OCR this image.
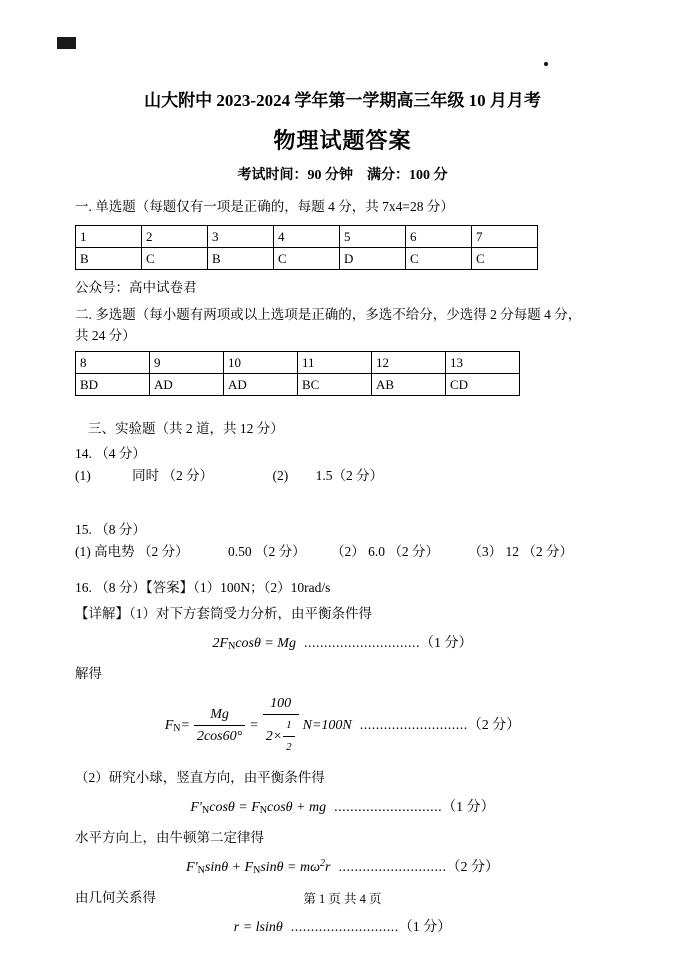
山大附中 2023-2024 学年第一学期高三年级 10 月月考
物理试题答案
考试时间：90 分钟　满分：100 分

一. 单选题（每题仅有一项是正确的，每题 4 分，共 7x4=28 分）

1	2	3	4	5	6	7
B	C	B	C	D	C	C

公众号：高中试卷君

二. 多选题（每小题有两项或以上选项是正确的，多选不给分，少选得 2 分每题 4 分，

共 24 分）

8	9	10	11	12	13
BD	AD	AD	BC	AB	CD

三、实验题（共 2 道，共 12 分）

14. （4 分）

(1)	同时 （2 分）	(2) 1.5（2 分）

15. （8 分）

(1) 高电势 （2 分）	0.50 （2 分） （2） 6.0 （2 分） （3） 12 （2 分）

16. （8 分）【答案】（1）100N；（2）10rad/s

【详解】（1）对下方套筒受力分析，由平衡条件得

$2F_N$ cosθ = Mg ............................. （1 分）

解得

$F_N = \frac{Mg}{2\cos 60^\circ} = \frac{100}{2\times \frac{1}{2}} N=100N$ ........................... （2 分）

（2）研究小球，竖直方向，由平衡条件得

$F'_N$ $\cos\theta = F_N$ cosθ + mg ........................... （1 分）

水平方向上，由牛顿第二定律得

$F'_N$ $\sin\theta + F_N$ $\sin\theta = m\omega^2$ r ........................... （2 分）

由几何关系得

r = lsinθ ........................... （1 分）
第 1 页 共 4 页
